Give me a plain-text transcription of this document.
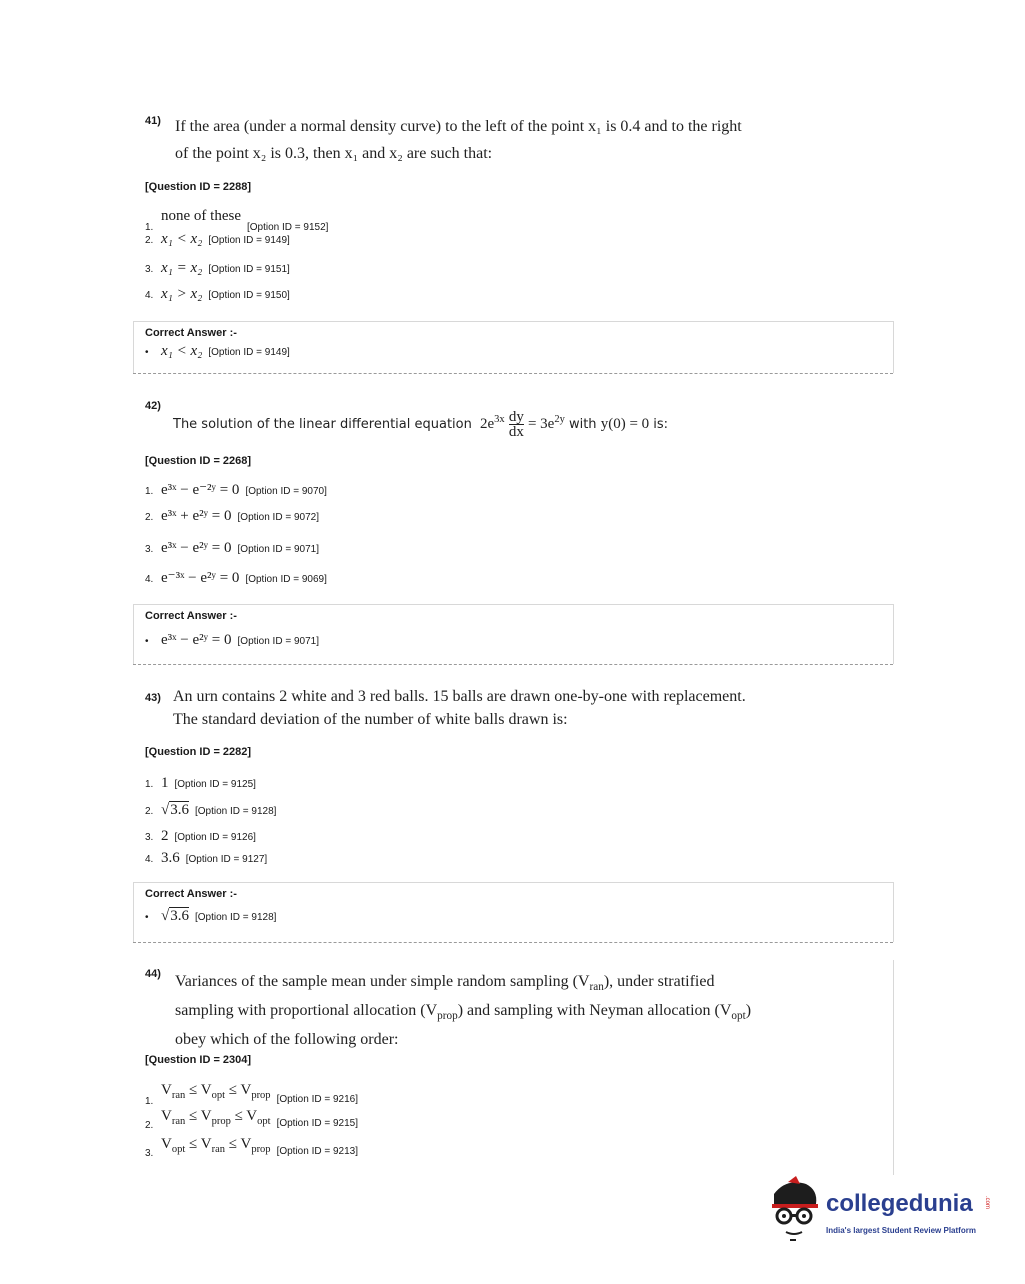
41) If the area (under a normal density curve) to the left of the point x₁ is 0.4 and to the right
of the point x₂ is 0.3, then x₁ and x₂ are such that:
[Question ID = 2288]
1.none of these[Option ID = 9152]
2. x₁ < x₂ [Option ID = 9149]
3. x₁ = x₂ [Option ID = 9151]
4. x₁ > x₂ [Option ID = 9150]
Correct Answer :-
• x₁ < x₂ [Option ID = 9149]
42)
The solution of the linear differential equation $2e^{3x} \frac{dy}{dx} = 3e^{2y}$ with y(0) = 0 is:
[Question ID = 2268]
1. e³ˣ − e⁻²ʸ = 0 [Option ID = 9070]
2. e³ˣ + e²ʸ = 0 [Option ID = 9072]
3. e³ˣ − e²ʸ = 0 [Option ID = 9071]
4. e⁻³ˣ − e²ʸ = 0 [Option ID = 9069]
Correct Answer :-
• e³ˣ − e²ʸ = 0 [Option ID = 9071]
43) An urn contains 2 white and 3 red balls. 15 balls are drawn one-by-one with replacement.
The standard deviation of the number of white balls drawn is:
[Question ID = 2282]
1. 1 [Option ID = 9125]
2. √3.6 [Option ID = 9128]
3. 2 [Option ID = 9126]
4. 3.6 [Option ID = 9127]
Correct Answer :-
• √3.6 [Option ID = 9128]
44) Variances of the sample mean under simple random sampling $(V_{ran})$, under stratified
sampling with proportional allocation $(V_{prop})$ and sampling with Neyman allocation $(V_{opt})$
obey which of the following order:
[Question ID = 2304]
$1.V_{ran} \le V_{opt} \le V_{prop}$ [Option ID = 9216]
$2.V_{ran} \le V_{prop} \le V_{opt}$ [Option ID = 9215]
$3.V_{opt} \le V_{ran} \le V_{prop}$ [Option ID = 9213]
collegedunia .com
India's largest Student Review Platform
